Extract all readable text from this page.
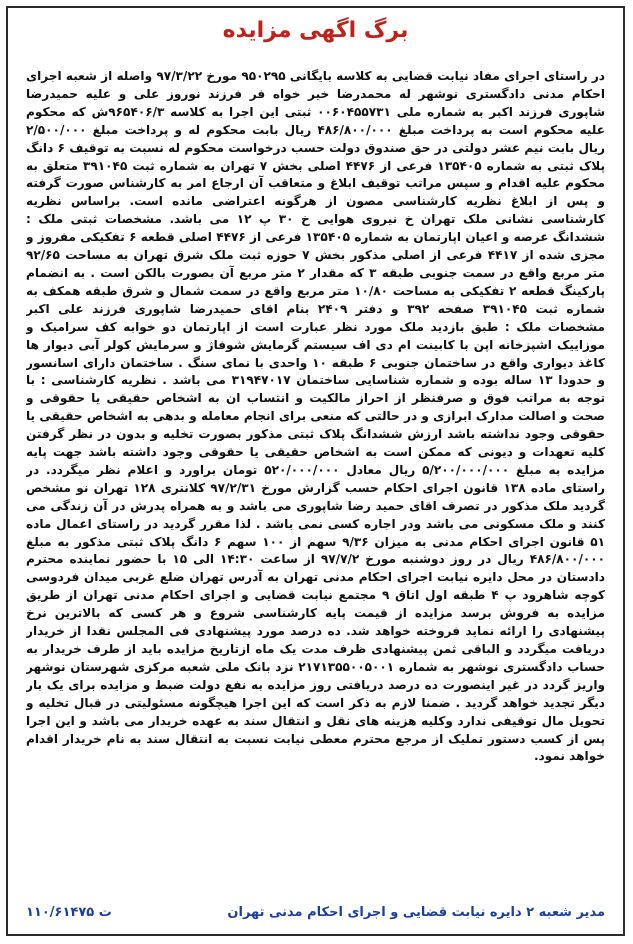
برگ اگهی مزایده
در راستای اجرای مفاد نیابت قضایی به کلاسه بایگانی ۹۵۰۲۹۵ مورخ ۹۷/۳/۲۲ واصله از شعبه اجرای احکام مدنی دادگستری نوشهر له محمدرضا خیر خواه فر فرزند نوروز علی و علیه حمیدرضا شاپوری فرزند اکبر به شماره ملی ۰۰۶۰۴۵۵۷۳۱ ثبتی این اجرا به کلاسه ۹۶۵۴۰۶/۳ش که محکوم علیه محکوم است به پرداخت مبلغ ۴۸۶/۸۰۰/۰۰۰ ریال بابت محکوم له و پرداخت مبلغ ۲/۵۰۰/۰۰۰ ریال بابت نیم عشر دولتی در حق صندوق دولت حسب درخواست محکوم له نسبت به توقیف ۶ دانگ پلاک ثبتی به شماره ۱۳۵۴۰۵ فرعی از ۴۴۷۶ اصلی بخش ۷ تهران به شماره ثبت ۳۹۱۰۴۵ متعلق به محکوم علیه اقدام و سپس مراتب توقیف ابلاغ و متعاقب آن ارجاع امر به کارشناس صورت گرفته و پس از ابلاغ نظریه کارشناسی مصون از هرگونه اعتراضی مانده است. براساس نظریه کارشناسی نشانی ملک تهران خ نیروی هوایی خ ۳۰ پ ۱۲ می باشد. مشخصات ثبتی ملک : ششدانگ عرصه و اعیان اپارتمان به شماره ۱۳۵۴۰۵ فرعی از ۴۴۷۶ اصلی قطعه ۶ تفکیکی مفروز و مجزی شده از ۴۴۱۷ فرعی از اصلی مذکور بخش ۷ حوزه ثبت ملک شرق تهران به مساحت ۹۲/۶۵ متر مربع واقع در سمت جنوبی طبقه ۳ که مقدار ۲ متر مربع آن بصورت بالکن است . به انضمام پارکینگ قطعه ۲ تفکیکی به مساحت ۱۰/۸۰ متر مربع واقع در سمت شمال و شرق طبقه همکف به شماره ثبت ۳۹۱۰۴۵ صفحه ۳۹۲ و دفتر ۲۴۰۹ بنام اقای حمیدرضا شاپوری فرزند علی اکبر مشخصات ملک : طبق بازدید ملک مورد نظر عبارت است از اپارتمان دو خوابه کف سرامیک و موزاییک اشپزخانه اپن با کابینت ام دی اف سیستم گرمایش شوفاژ و سرمایش کولر آبی دیوار ها کاغذ دیواری واقع در ساختمان جنوبی ۶ طبقه ۱۰ واحدی با نمای سنگ . ساختمان دارای اسانسور و حدودا ۱۳ ساله بوده و شماره شناسایی ساختمان ۳۱۹۴۷۰۱۷ می باشد . نظریه کارشناسی : با توجه به مراتب فوق و صرفنظر از احراز مالکیت و انتساب ان به اشخاص حقیقی یا حقوقی و صحت و اصالت مدارک ابرازی و در حالتی که منعی برای انجام معامله و بدهی به اشخاص حقیقی یا حقوقی وجود نداشته باشد ارزش ششدانگ پلاک ثبتی مذکور بصورت تخلیه و بدون در نظر گرفتن کلیه تعهدات و دیونی که ممکن است به اشخاص حقیقی یا حقوقی وجود داشته باشد جهت پایه مزایده به مبلغ ۵/۲۰۰/۰۰۰/۰۰۰ ریال معادل ۵۲۰/۰۰۰/۰۰۰ تومان براورد و اعلام نظر میگردد. در راستای ماده ۱۳۸ قانون اجرای احکام حسب گزارش مورخ ۹۷/۲/۳۱ کلانتری ۱۲۸ تهران نو مشخص گردید ملک مذکور در تصرف اقای حمید رضا شاپوری می باشد و به همراه پدرش در آن زندگی می کنند و ملک مسکونی می باشد ودر اجاره کسی نمی باشد . لذا مقرر گردید در راستای اعمال ماده ۵۱ قانون اجرای احکام مدنی به میزان ۹/۳۶ سهم از ۱۰۰ سهم ۶ دانگ پلاک ثبتی مذکور به مبلغ ۴۸۶/۸۰۰/۰۰۰ ریال در روز دوشنبه مورخ ۹۷/۷/۲ از ساعت ۱۴:۳۰ الی ۱۵ با حضور نماینده محترم دادستان در محل دایره نیابت اجرای احکام مدنی تهران به آدرس تهران ضلع غربی میدان فردوسی کوچه شاهرود پ ۴ طبقه اول اتاق ۹ مجتمع نیابت قضایی و اجرای احکام مدنی تهران از طریق مزایده به فروش برسد مزایده از قیمت پایه کارشناسی شروع و هر کسی که بالاترین نرخ پیشنهادی را ارائه نماید فروخته خواهد شد. ده درصد مورد پیشنهادی فی المجلس نقدا از خریدار دریافت میگردد و الباقی ثمن پیشنهادی ظرف مدت یک ماه ازتاریخ مزایده باید از طرف خریدار به حساب دادگستری نوشهر به شماره ۲۱۷۱۳۵۵۰۰۵۰۰۱ نزد بانک ملی شعبه مرکزی شهرستان نوشهر واریز گردد در غیر اینصورت ده درصد دریافتی روز مزایده به نفع دولت ضبط و مزایده برای یک بار دیگر تجدید خواهد گردید . ضمنا لازم به ذکر است که این اجرا هیچگونه مسئولیتی در قبال تخلیه و تحویل مال توقیفی ندارد وکلیه هزینه های نقل و انتقال سند به عهده خریدار می باشد و این اجرا پس از کسب دستور تملیک از مرجع محترم معطی نیابت نسبت به انتقال سند به نام خریدار اقدام خواهد نمود.
مدیر شعبه ۲ دایره نیابت قضایی و اجرای احکام مدنی تهران
۱۱۰/۶۱۴۷۵ ت
